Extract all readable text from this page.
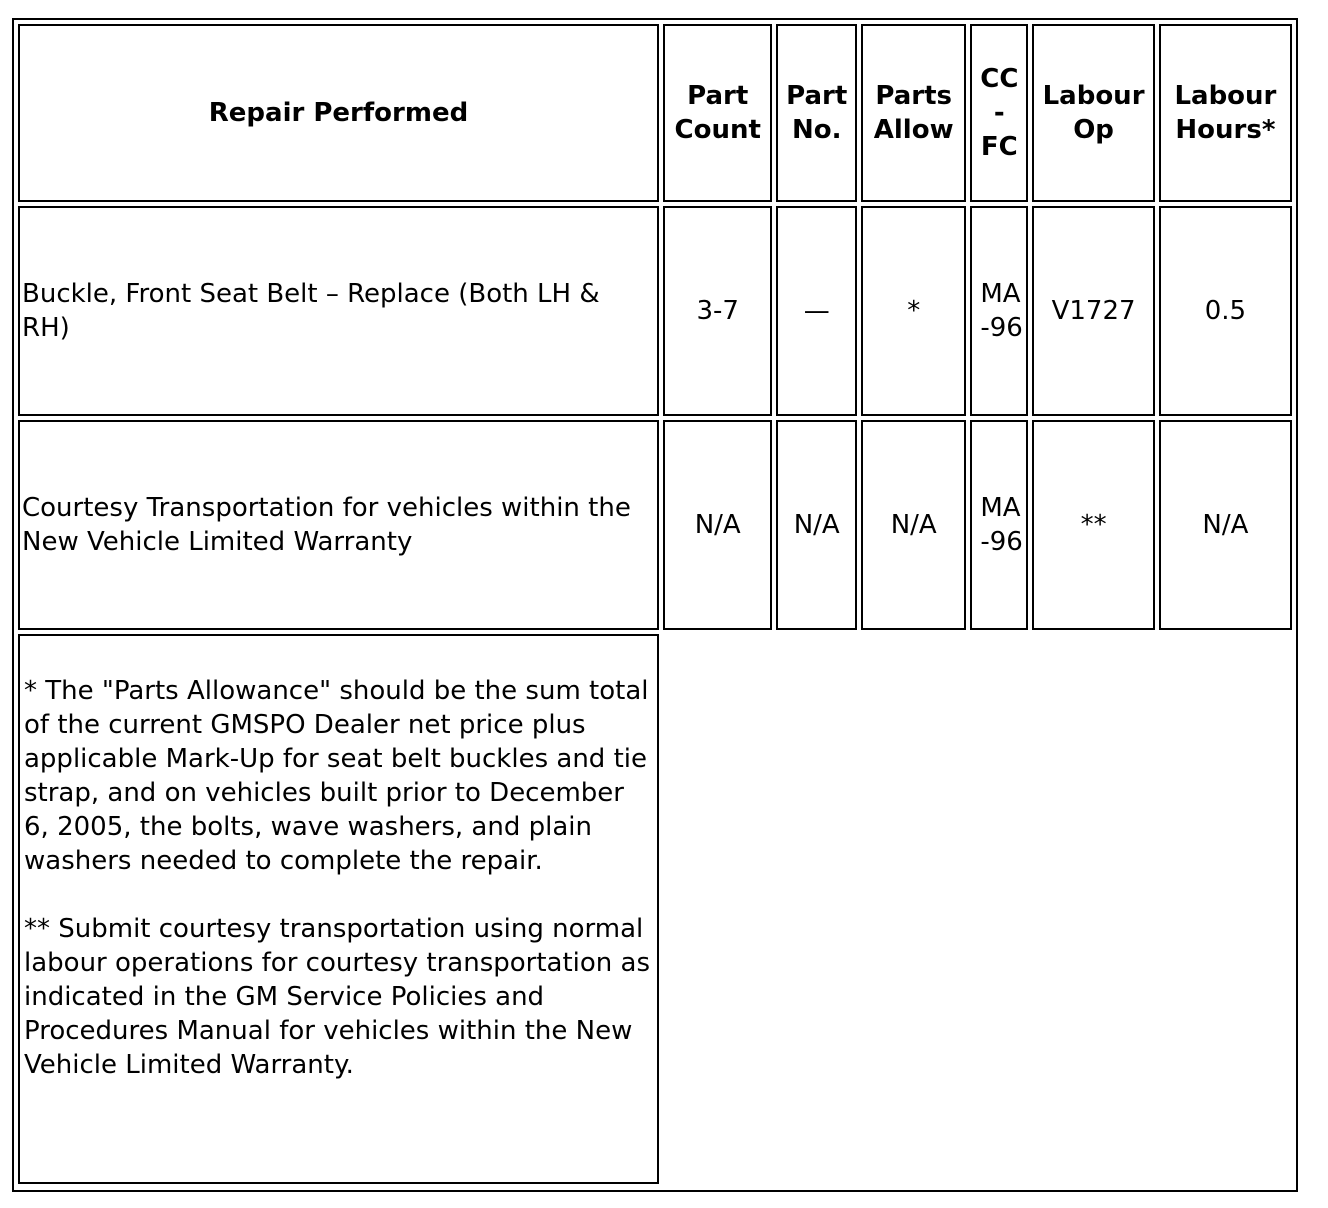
Repair Performed	Part Count	Part No.	Parts Allow	CC - FC	Labour Op	Labour Hours*
Buckle, Front Seat Belt – Replace (Both LH & RH)	3-7	—	*	MA -96	V1727	0.5
Courtesy Transportation for vehicles within the New Vehicle Limited Warranty	N/A	N/A	N/A	MA -96	**	N/A

* The "Parts Allowance" should be the sum total of the current GMSPO Dealer net price plus applicable Mark-Up for seat belt buckles and tie strap, and on vehicles built prior to December 6, 2005, the bolts, wave washers, and plain washers needed to complete the repair.

** Submit courtesy transportation using normal labour operations for courtesy transportation as indicated in the GM Service Policies and Procedures Manual for vehicles within the New Vehicle Limited Warranty.						
